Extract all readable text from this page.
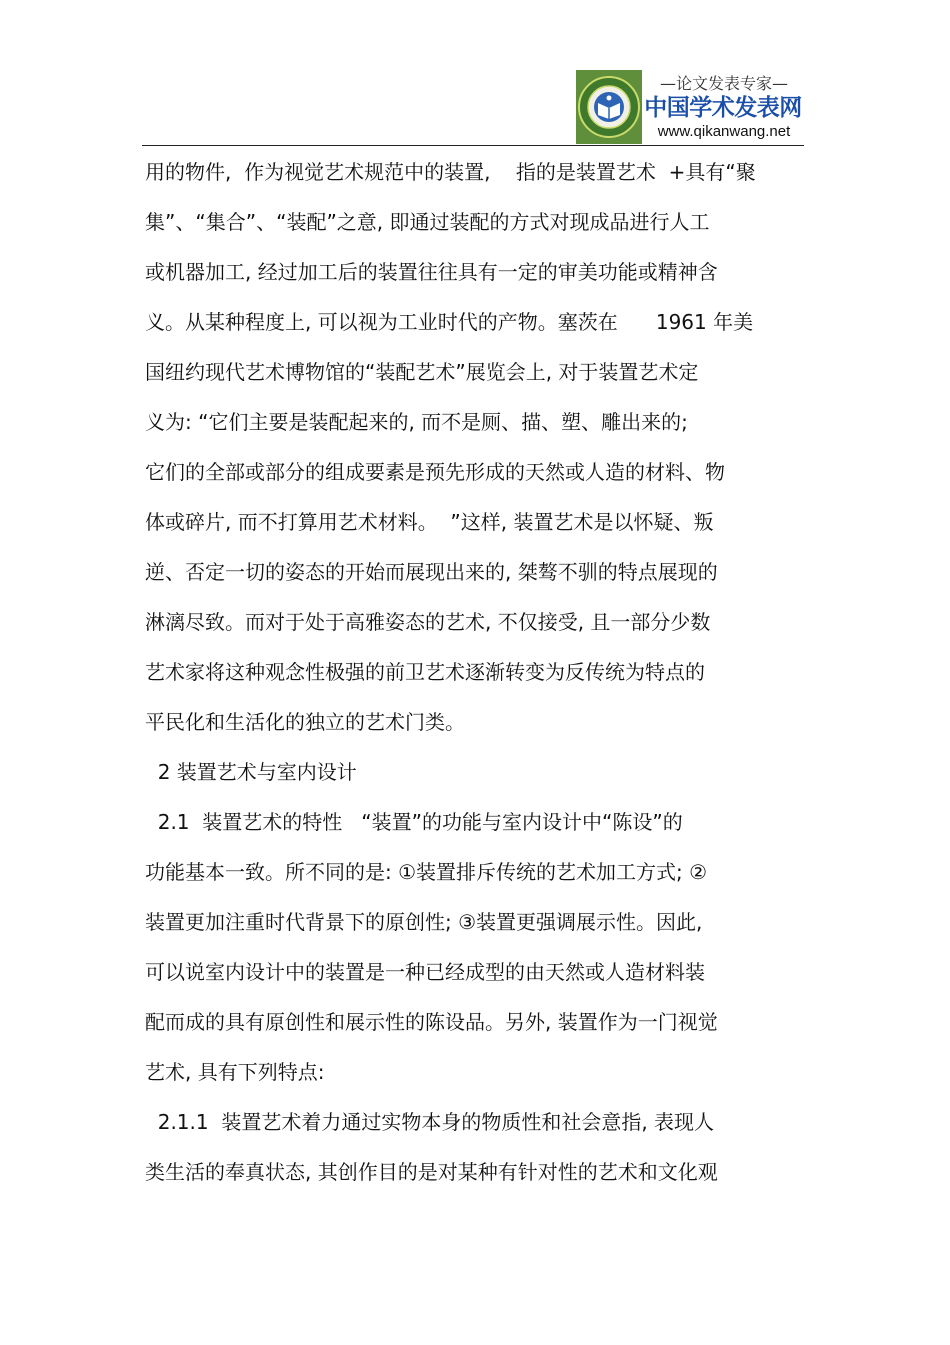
—论文发表专家—
中国学术发表网
www.qikanwang.net
用的物件,  作为视觉艺术规范中的装置,    指的是装置艺术  +具有“聚
集”、“集合”、“装配”之意, 即通过装配的方式对现成品进行人工
或机器加工, 经过加工后的装置往往具有一定的审美功能或精神含
义。从某种程度上, 可以视为工业时代的产物。塞茨在      1961 年美
国纽约现代艺术博物馆的“装配艺术”展览会上, 对于装置艺术定
义为: “它们主要是装配起来的, 而不是厕、描、塑、雕出来的;
它们的全部或部分的组成要素是预先形成的天然或人造的材料、物
体或碎片, 而不打算用艺术材料。  ”这样, 装置艺术是以怀疑、叛
逆、否定一切的姿态的开始而展现出来的, 桀骜不驯的特点展现的
淋漓尽致。而对于处于高雅姿态的艺术, 不仅接受, 且一部分少数
艺术家将这种观念性极强的前卫艺术逐渐转变为反传统为特点的
平民化和生活化的独立的艺术门类。
2 装置艺术与室内设计
2.1  装置艺术的特性   “装置”的功能与室内设计中“陈设”的
功能基本一致。所不同的是: ①装置排斥传统的艺术加工方式; ②
装置更加注重时代背景下的原创性; ③装置更强调展示性。因此,
可以说室内设计中的装置是一种已经成型的由天然或人造材料装
配而成的具有原创性和展示性的陈设品。另外, 装置作为一门视觉
艺术, 具有下列特点:
2.1.1  装置艺术着力通过实物本身的物质性和社会意指, 表现人
类生活的奉真状态, 其创作目的是对某种有针对性的艺术和文化观
